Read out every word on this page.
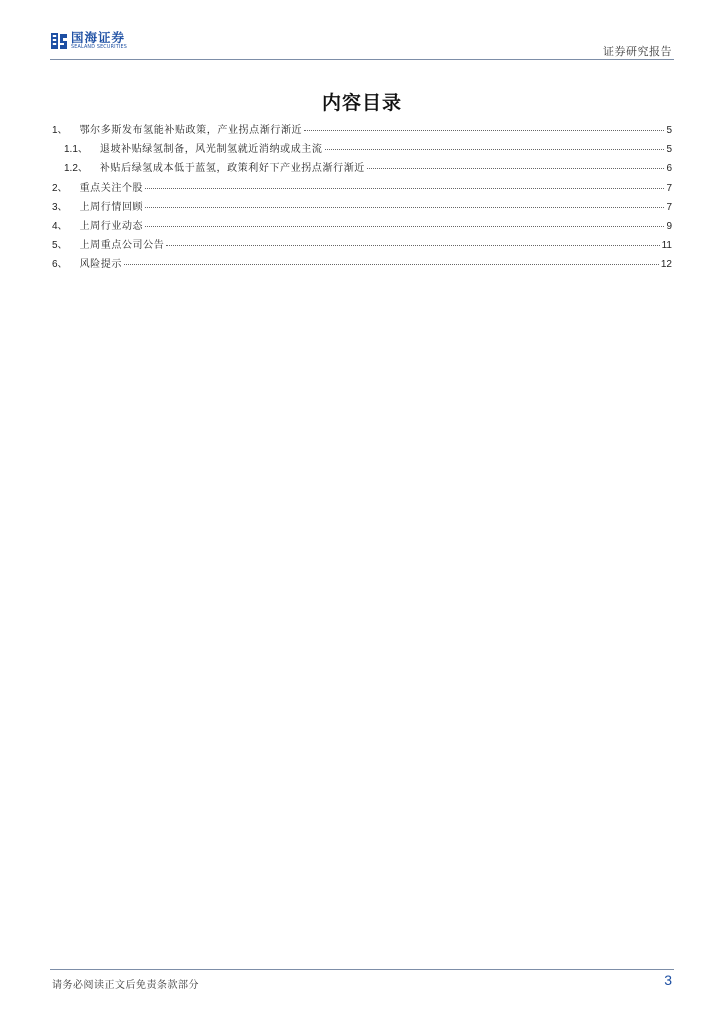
国海证券
SEALAND SECURITIES	证券研究报告
内容目录
1、 鄂尔多斯发布氢能补贴政策，产业拐点渐行渐近	5
1.1、 退坡补贴绿氢制备，风光制氢就近消纳或成主流	5
1.2、 补贴后绿氢成本低于蓝氢，政策利好下产业拐点渐行渐近	6
2、 重点关注个股	7
3、 上周行情回顾	7
4、 上周行业动态	9
5、 上周重点公司公告	11
6、 风险提示	12
请务必阅读正文后免责条款部分	3
